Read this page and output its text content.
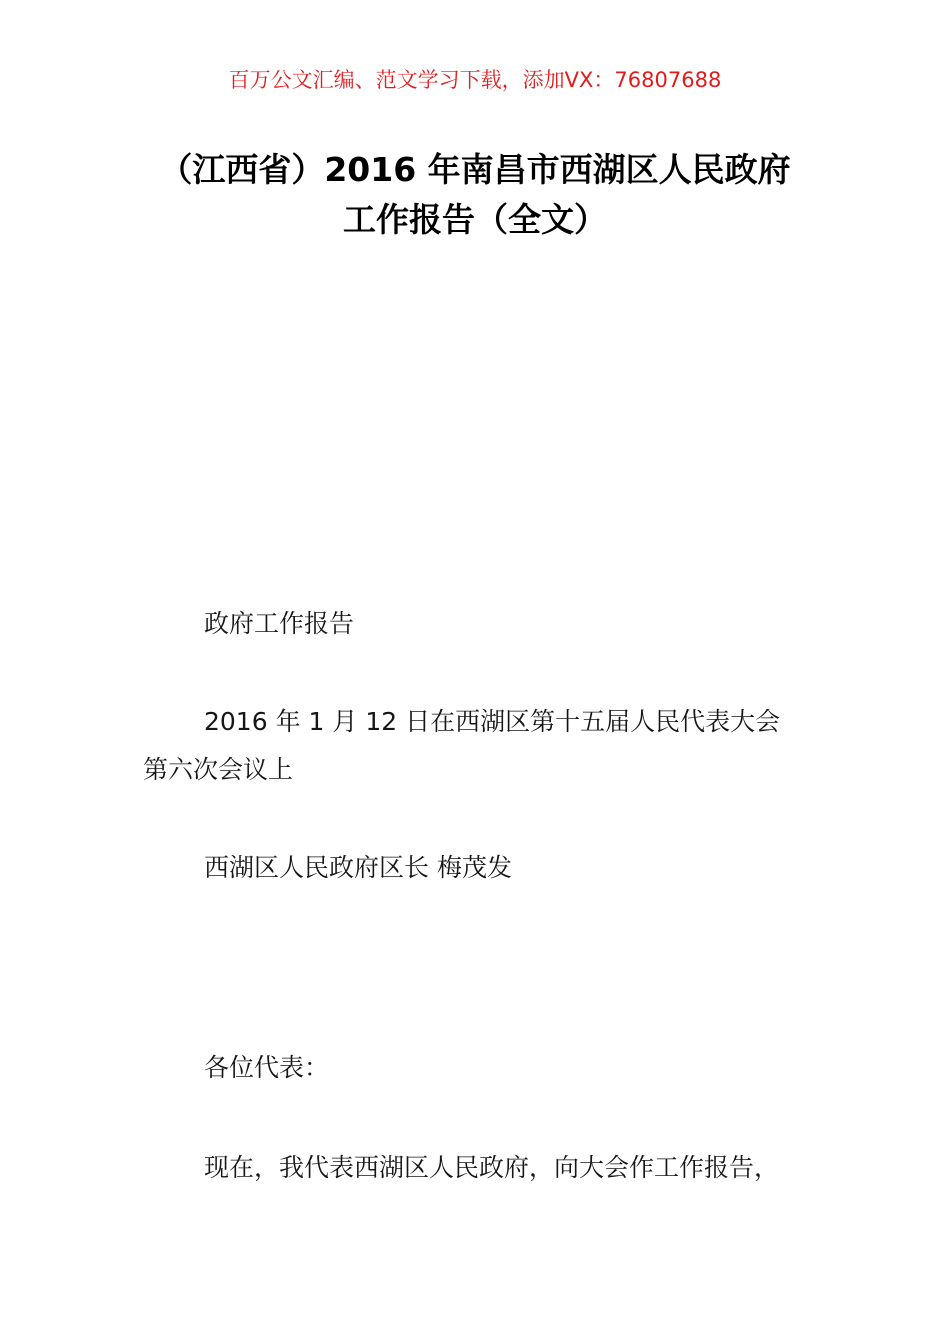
百万公文汇编、范文学习下载，添加VX：76807688
（江西省）2016 年南昌市西湖区人民政府
工作报告（全文）
政府工作报告
2016 年 1 月 12 日在西湖区第十五届人民代表大会
第六次会议上
西湖区人民政府区长 梅茂发
各位代表：
现在，我代表西湖区人民政府，向大会作工作报告，
